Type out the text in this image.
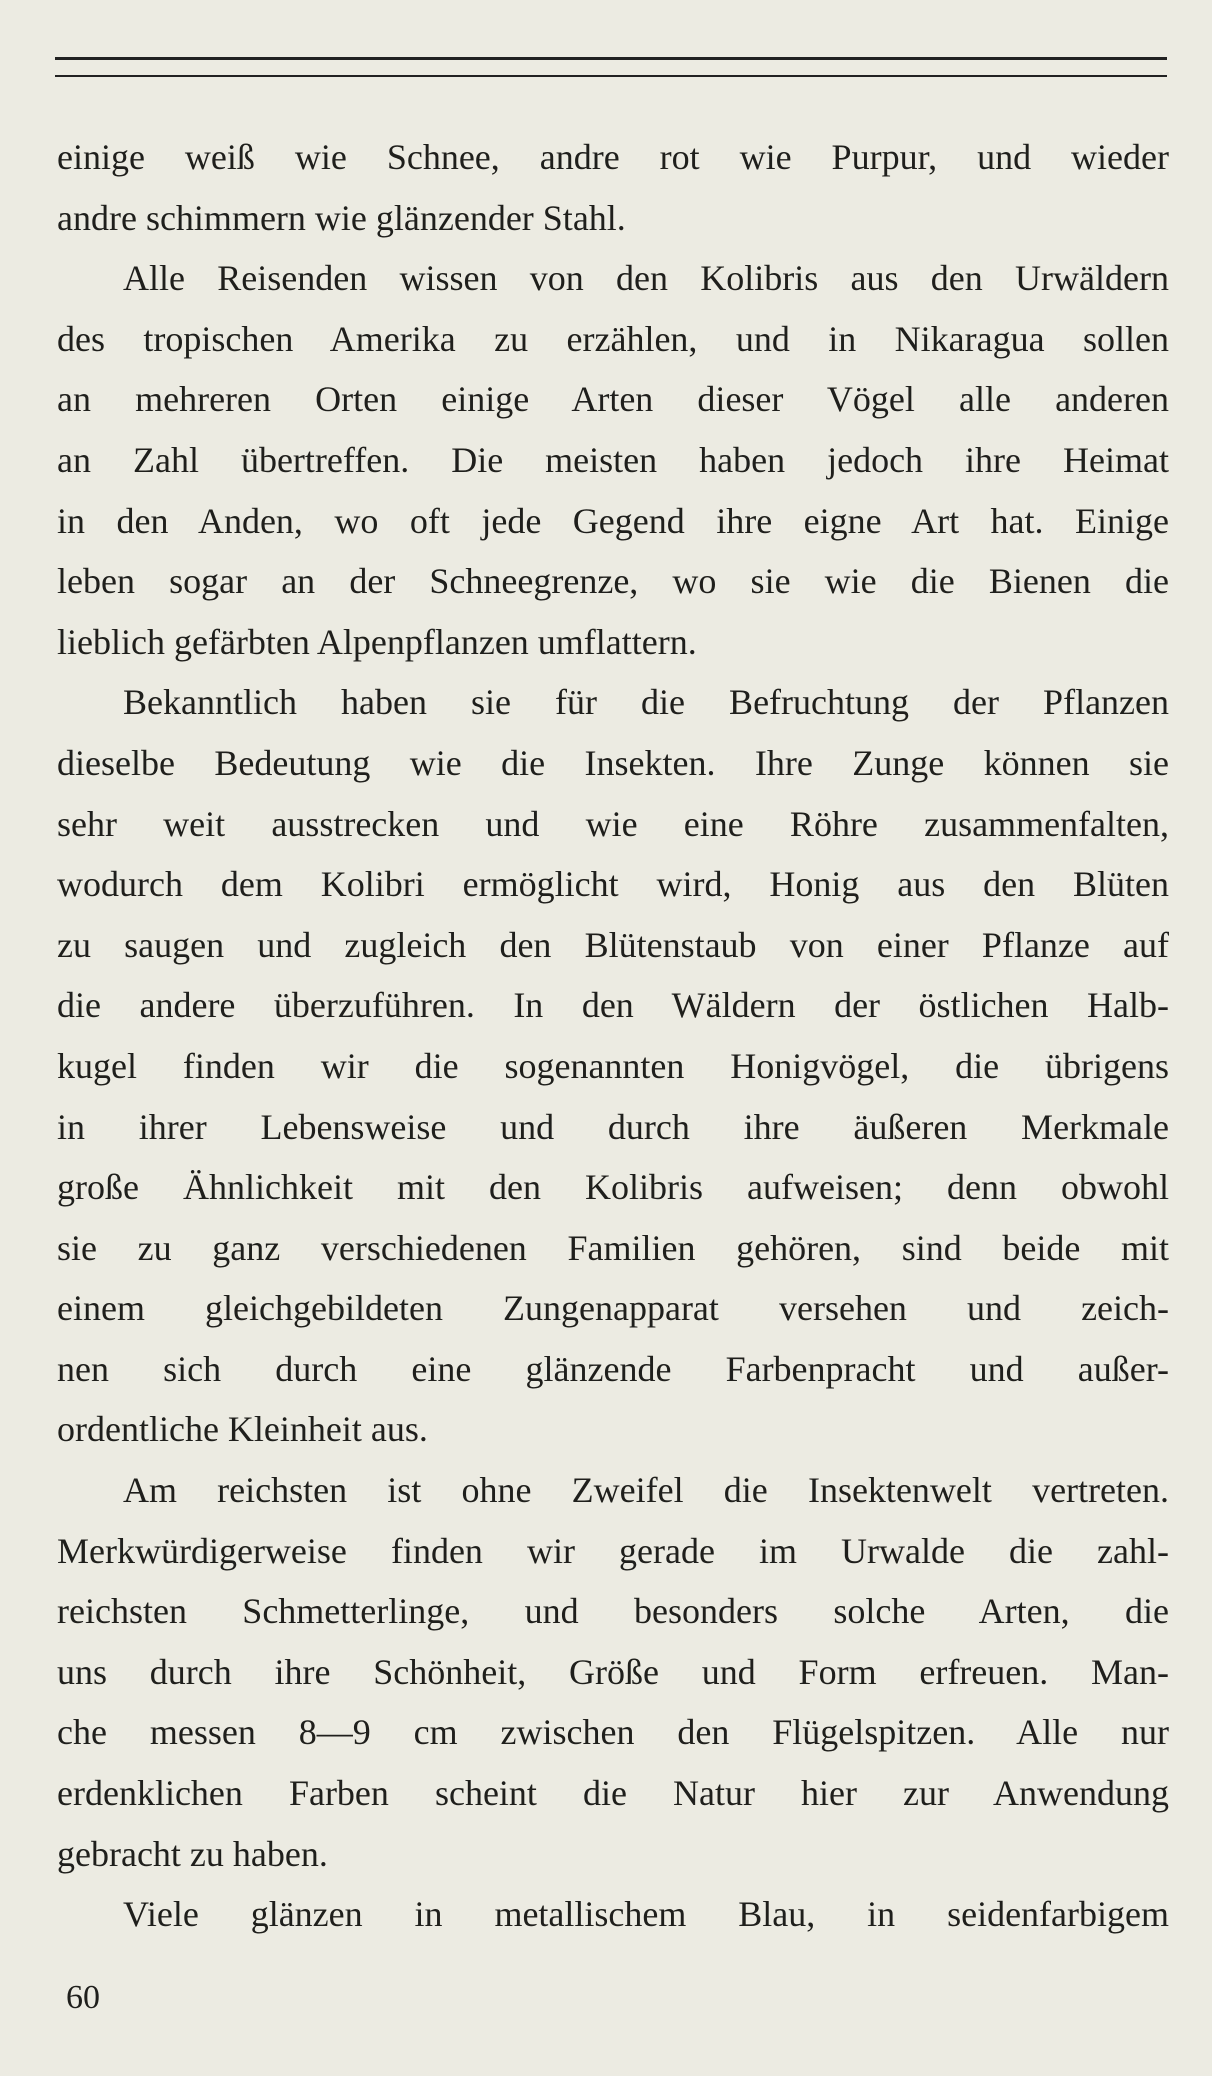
einige weiß wie Schnee, andre rot wie Purpur, und wieder
andre schimmern wie glänzender Stahl.
Alle Reisenden wissen von den Kolibris aus den Urwäldern
des tropischen Amerika zu erzählen, und in Nikaragua sollen
an mehreren Orten einige Arten dieser Vögel alle anderen
an Zahl übertreffen. Die meisten haben jedoch ihre Heimat
in den Anden, wo oft jede Gegend ihre eigne Art hat. Einige
leben sogar an der Schneegrenze, wo sie wie die Bienen die
lieblich gefärbten Alpenpflanzen umflattern.
Bekanntlich haben sie für die Befruchtung der Pflanzen
dieselbe Bedeutung wie die Insekten. Ihre Zunge können sie
sehr weit ausstrecken und wie eine Röhre zusammenfalten,
wodurch dem Kolibri ermöglicht wird, Honig aus den Blüten
zu saugen und zugleich den Blütenstaub von einer Pflanze auf
die andere überzuführen. In den Wäldern der östlichen Halb-
kugel finden wir die sogenannten Honigvögel, die übrigens
in ihrer Lebensweise und durch ihre äußeren Merkmale
große Ähnlichkeit mit den Kolibris aufweisen; denn obwohl
sie zu ganz verschiedenen Familien gehören, sind beide mit
einem gleichgebildeten Zungenapparat versehen und zeich-
nen sich durch eine glänzende Farbenpracht und außer-
ordentliche Kleinheit aus.
Am reichsten ist ohne Zweifel die Insektenwelt vertreten.
Merkwürdigerweise finden wir gerade im Urwalde die zahl-
reichsten Schmetterlinge, und besonders solche Arten, die
uns durch ihre Schönheit, Größe und Form erfreuen. Man-
che messen 8—9 cm zwischen den Flügelspitzen. Alle nur
erdenklichen Farben scheint die Natur hier zur Anwendung
gebracht zu haben.
Viele glänzen in metallischem Blau, in seidenfarbigem
60
